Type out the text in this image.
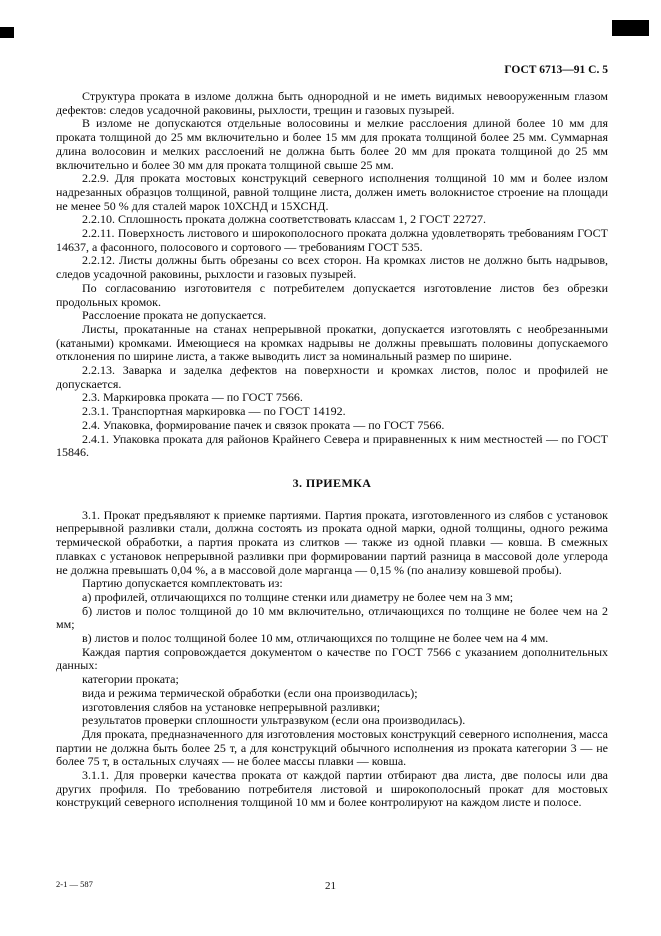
ГОСТ 6713—91 С. 5

Структура проката в изломе должна быть однородной и не иметь видимых невооруженным глазом дефектов: следов усадочной раковины, рыхлости, трещин и газовых пузырей.

В изломе не допускаются отдельные волосовины и мелкие расслоения длиной более 10 мм для проката толщиной до 25 мм включительно и более 15 мм для проката толщиной более 25 мм. Суммарная длина волосовин и мелких расслоений не должна быть более 20 мм для проката толщиной до 25 мм включительно и более 30 мм для проката толщиной свыше 25 мм.

2.2.9. Для проката мостовых конструкций северного исполнения толщиной 10 мм и более излом надрезанных образцов толщиной, равной толщине листа, должен иметь волокнистое строение на площади не менее 50 % для сталей марок 10ХСНД и 15ХСНД.

2.2.10. Сплошность проката должна соответствовать классам 1, 2 ГОСТ 22727.

2.2.11. Поверхность листового и широкополосного проката должна удовлетворять требованиям ГОСТ 14637, а фасонного, полосового и сортового — требованиям ГОСТ 535.

2.2.12. Листы должны быть обрезаны со всех сторон. На кромках листов не должно быть надрывов, следов усадочной раковины, рыхлости и газовых пузырей.

По согласованию изготовителя с потребителем допускается изготовление листов без обрезки продольных кромок.

Расслоение проката не допускается.

Листы, прокатанные на станах непрерывной прокатки, допускается изготовлять с необрезанными (катаными) кромками. Имеющиеся на кромках надрывы не должны превышать половины допускаемого отклонения по ширине листа, а также выводить лист за номинальный размер по ширине.

2.2.13. Заварка и заделка дефектов на поверхности и кромках листов, полос и профилей не допускается.

2.3. Маркировка проката — по ГОСТ 7566.

2.3.1. Транспортная маркировка — по ГОСТ 14192.

2.4. Упаковка, формирование пачек и связок проката — по ГОСТ 7566.

2.4.1. Упаковка проката для районов Крайнего Севера и приравненных к ним местностей — по ГОСТ 15846.

3. ПРИЕМКА

3.1. Прокат предъявляют к приемке партиями. Партия проката, изготовленного из слябов с установок непрерывной разливки стали, должна состоять из проката одной марки, одной толщины, одного режима термической обработки, а партия проката из слитков — также из одной плавки — ковша. В смежных плавках с установок непрерывной разливки при формировании партий разница в массовой доле углерода не должна превышать 0,04 %, а в массовой доле марганца — 0,15 % (по анализу ковшевой пробы).

Партию допускается комплектовать из:

а) профилей, отличающихся по толщине стенки или диаметру не более чем на 3 мм;

б) листов и полос толщиной до 10 мм включительно, отличающихся по толщине не более чем на 2 мм;

в) листов и полос толщиной более 10 мм, отличающихся по толщине не более чем на 4 мм.

Каждая партия сопровождается документом о качестве по ГОСТ 7566 с указанием дополнительных данных:

категории проката;

вида и режима термической обработки (если она производилась);

изготовления слябов на установке непрерывной разливки;

результатов проверки сплошности ультразвуком (если она производилась).

Для проката, предназначенного для изготовления мостовых конструкций северного исполнения, масса партии не должна быть более 25 т, а для конструкций обычного исполнения из проката категории 3 — не более 75 т, в остальных случаях — не более массы плавки — ковша.

3.1.1. Для проверки качества проката от каждой партии отбирают два листа, две полосы или два других профиля. По требованию потребителя листовой и широкополосный прокат для мостовых конструкций северного исполнения толщиной 10 мм и более контролируют на каждом листе и полосе.

2-1 — 587	21
